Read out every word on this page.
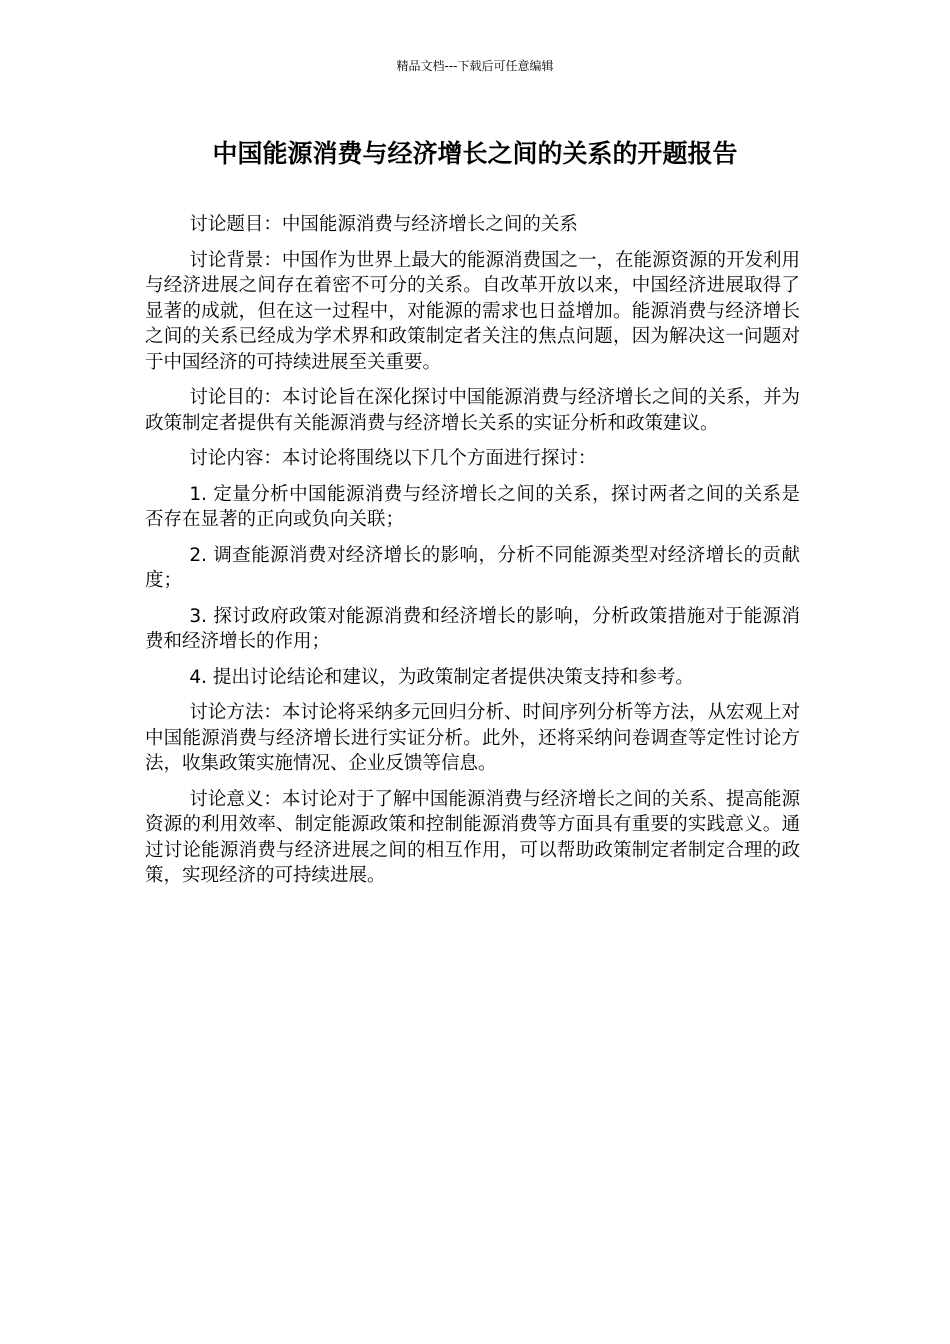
精品文档---下载后可任意编辑
中国能源消费与经济增长之间的关系的开题报告

讨论题目：中国能源消费与经济增长之间的关系

讨论背景：中国作为世界上最大的能源消费国之一，在能源资源的开发利用与经济进展之间存在着密不可分的关系。自改革开放以来，中国经济进展取得了显著的成就，但在这一过程中，对能源的需求也日益增加。能源消费与经济增长之间的关系已经成为学术界和政策制定者关注的焦点问题，因为解决这一问题对于中国经济的可持续进展至关重要。

讨论目的：本讨论旨在深化探讨中国能源消费与经济增长之间的关系，并为政策制定者提供有关能源消费与经济增长关系的实证分析和政策建议。

讨论内容：本讨论将围绕以下几个方面进行探讨：

1. 定量分析中国能源消费与经济增长之间的关系，探讨两者之间的关系是否存在显著的正向或负向关联；

2. 调查能源消费对经济增长的影响，分析不同能源类型对经济增长的贡献度；

3. 探讨政府政策对能源消费和经济增长的影响，分析政策措施对于能源消费和经济增长的作用；

4. 提出讨论结论和建议，为政策制定者提供决策支持和参考。

讨论方法：本讨论将采纳多元回归分析、时间序列分析等方法，从宏观上对中国能源消费与经济增长进行实证分析。此外，还将采纳问卷调查等定性讨论方法，收集政策实施情况、企业反馈等信息。

讨论意义：本讨论对于了解中国能源消费与经济增长之间的关系、提高能源资源的利用效率、制定能源政策和控制能源消费等方面具有重要的实践意义。通过讨论能源消费与经济进展之间的相互作用，可以帮助政策制定者制定合理的政策，实现经济的可持续进展。
